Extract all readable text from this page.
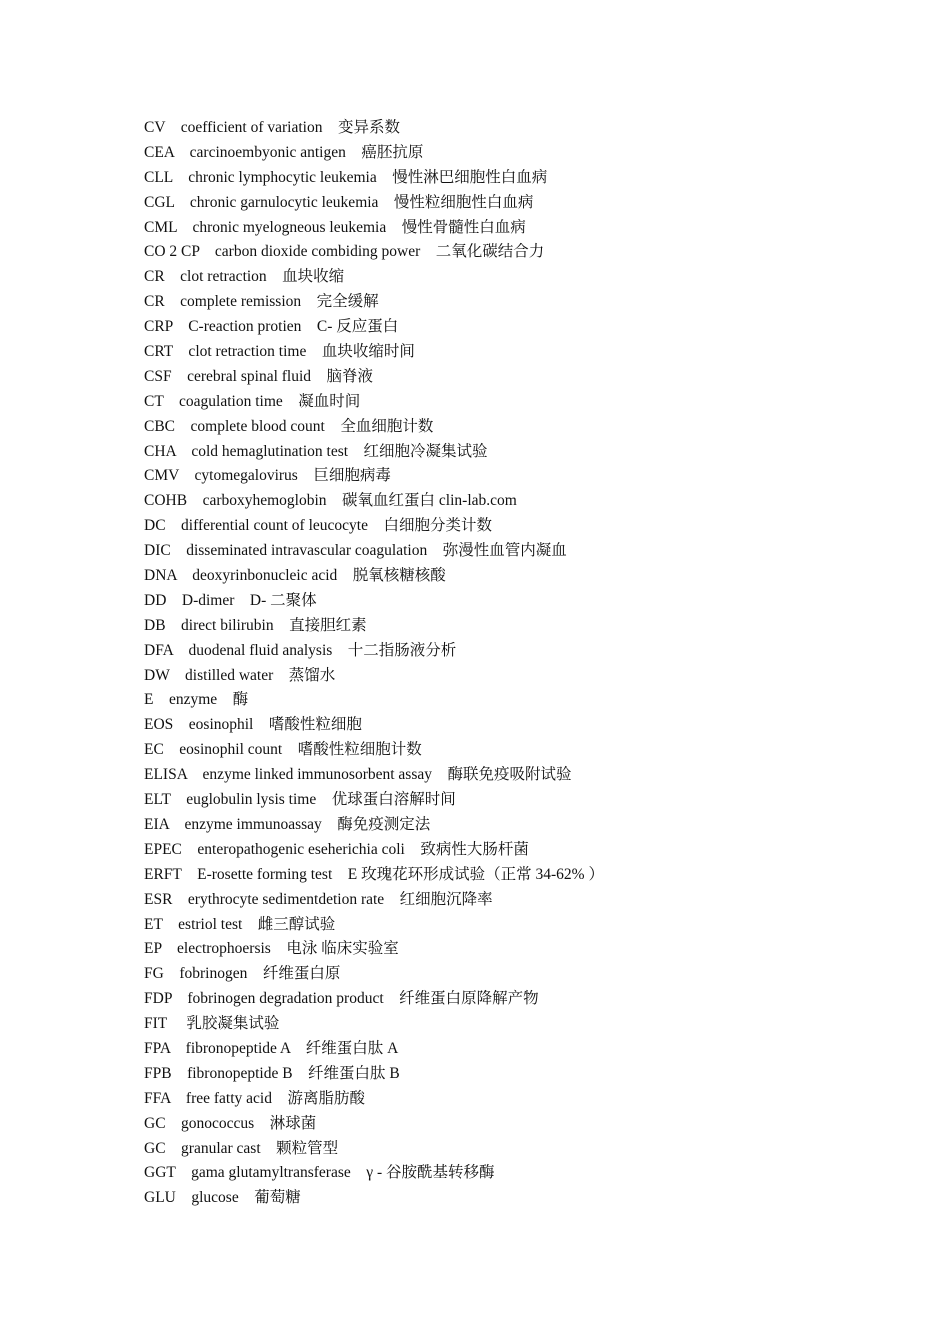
CV　coefficient of variation　变异系数
CEA　carcinoembyonic antigen　癌胚抗原
CLL　chronic lymphocytic leukemia　慢性淋巴细胞性白血病
CGL　chronic garnulocytic leukemia　慢性粒细胞性白血病
CML　chronic myelogneous leukemia　慢性骨髓性白血病
CO 2 CP　carbon dioxide combiding power　二氧化碳结合力
CR　clot retraction　血块收缩
CR　complete remission　完全缓解
CRP　C-reaction protien　C- 反应蛋白
CRT　clot retraction time　血块收缩时间
CSF　cerebral spinal fluid　脑脊液
CT　coagulation time　凝血时间
CBC　complete blood count　全血细胞计数
CHA　cold hemaglutination test　红细胞冷凝集试验
CMV　cytomegalovirus　巨细胞病毒
COHB　carboxyhemoglobin　碳氧血红蛋白 clin-lab.com
DC　differential count of leucocyte　白细胞分类计数
DIC　disseminated intravascular coagulation　弥漫性血管内凝血
DNA　deoxyrinbonucleic acid　脱氧核糖核酸
DD　D-dimer　D- 二聚体
DB　direct bilirubin　直接胆红素
DFA　duodenal fluid analysis　十二指肠液分析
DW　distilled water　蒸馏水
E　enzyme　酶
EOS　eosinophil　嗜酸性粒细胞
EC　eosinophil count　嗜酸性粒细胞计数
ELISA　enzyme linked immunosorbent assay　酶联免疫吸附试验
ELT　euglobulin lysis time　优球蛋白溶解时间
EIA　enzyme immunoassay　酶免疫测定法
EPEC　enteropathogenic eseherichia coli　致病性大肠杆菌
ERFT　E-rosette forming test　E 玫瑰花环形成试验（正常 34-62% ）
ESR　erythrocyte sedimentdetion rate　红细胞沉降率
ET　estriol test　雌三醇试验
EP　electrophoersis　电泳 临床实验室
FG　fobrinogen　纤维蛋白原
FDP　fobrinogen degradation product　纤维蛋白原降解产物
FIT　 乳胶凝集试验
FPA　fibronopeptide A　纤维蛋白肽 A
FPB　fibronopeptide B　纤维蛋白肽 B
FFA　free fatty acid　游离脂肪酸
GC　gonococcus　淋球菌
GC　granular cast　颗粒管型
GGT　gama glutamyltransferase　γ - 谷胺酰基转移酶
GLU　glucose　葡萄糖
